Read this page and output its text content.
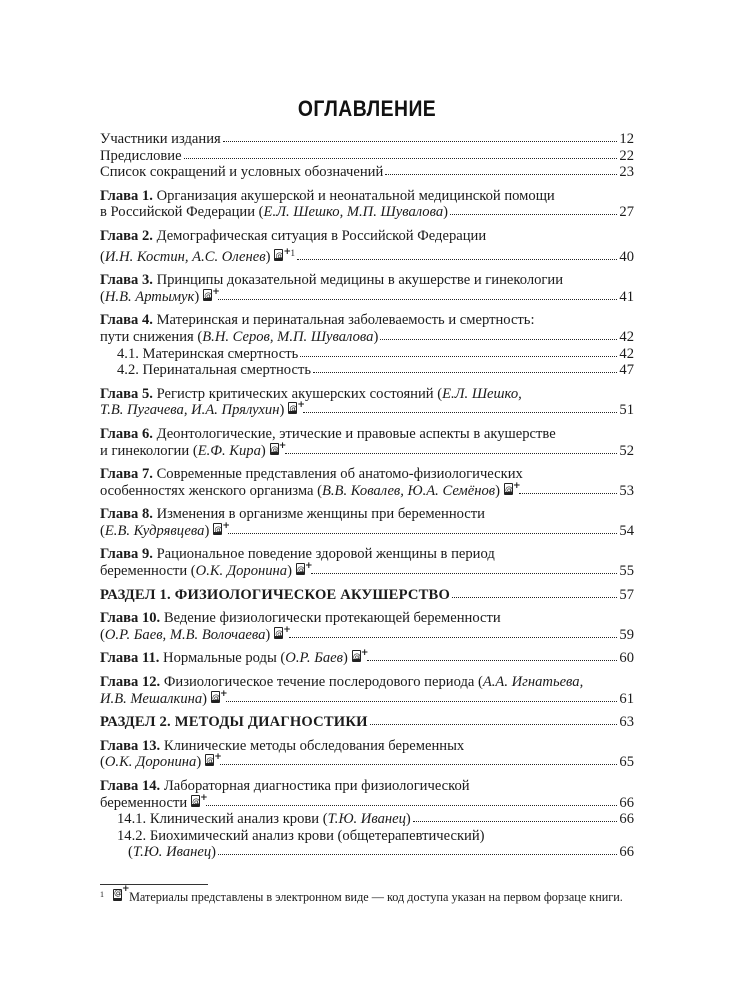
ОГЛАВЛЕНИЕ
Участники издания	12
Предисловие	22
Список сокращений и условных обозначений	23
Глава 1. Организация акушерской и неонатальной медицинской помощи
в Российской Федерации (Е.Л. Шешко, М.П. Шувалова)	27
Глава 2. Демографическая ситуация в Российской Федерации
(И.Н. Костин, А.С. Оленев) @ + $^1$	40
Глава 3. Принципы доказательной медицины в акушерстве и гинекологии
(Н.В. Артымук) @ +	41
Глава 4. Материнская и перинатальная заболеваемость и смертность:
пути снижения (В.Н. Серов, М.П. Шувалова)	42
4.1. Материнская смертность	42
4.2. Перинатальная смертность	47
Глава 5. Регистр критических акушерских состояний (Е.Л. Шешко,
Т.В. Пугачева, И.А. Прялухин) @ +	51
Глава 6. Деонтологические, этические и правовые аспекты в акушерстве
и гинекологии (Е.Ф. Кира) @ +	52
Глава 7. Современные представления об анатомо-физиологических
особенностях женского организма (В.В. Ковалев, Ю.А. Семёнов) @ +	53
Глава 8. Изменения в организме женщины при беременности
(Е.В. Кудрявцева) @ +	54
Глава 9. Рациональное поведение здоровой женщины в период
беременности (О.К. Доронина) @ +	55
РАЗДЕЛ 1. ФИЗИОЛОГИЧЕСКОЕ АКУШЕРСТВО	57
Глава 10. Ведение физиологически протекающей беременности
(О.Р. Баев, М.В. Волочаева) @ +	59
Глава 11. Нормальные роды (О.Р. Баев) @ +	60
Глава 12. Физиологическое течение послеродового периода (А.А. Игнатьева,
И.В. Мешалкина) @ +	61
РАЗДЕЛ 2. МЕТОДЫ ДИАГНОСТИКИ	63
Глава 13. Клинические методы обследования беременных
(О.К. Доронина) @ +	65
Глава 14. Лабораторная диагностика при физиологической
беременности @ +	66
14.1. Клинический анализ крови (Т.Ю. Иванец)	66
14.2. Биохимический анализ крови (общетерапевтический)
(Т.Ю. Иванец)	66
$^1$
@
+
Материалы представлены в электронном виде — код доступа указан на первом форзаце книги.
